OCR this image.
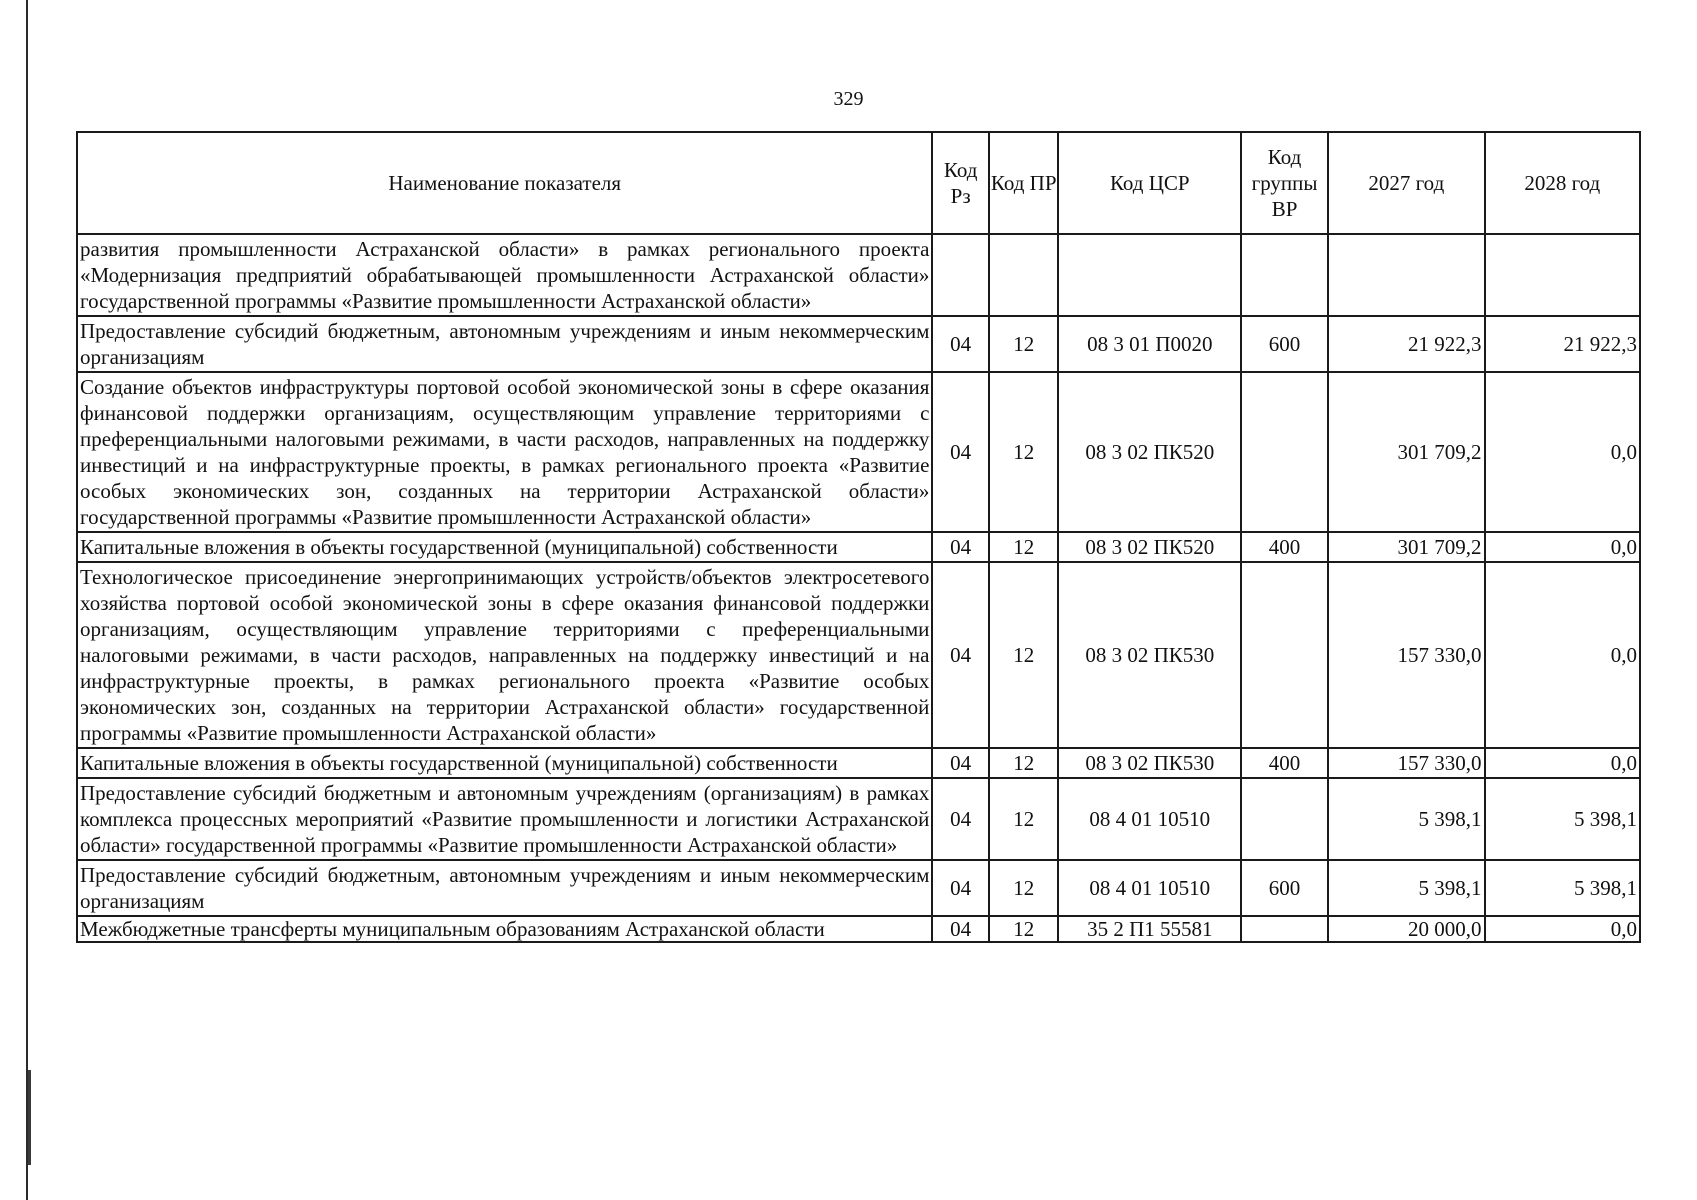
329
Наименование показателя	Код Рз	Код ПР	Код ЦСР	Код группы ВР	2027 год	2028 год
развития промышленности Астраханской области» в рамках регионального проекта «Модернизация предприятий обрабатывающей промышленности Астраханской области» государственной программы «Развитие промышленности Астраханской области»						
Предоставление субсидий бюджетным, автономным учреждениям и иным некоммерческим организациям	04	12	08 3 01 П0020	600	21 922,3	21 922,3
Создание объектов инфраструктуры портовой особой экономической зоны в сфере оказания финансовой поддержки организациям, осуществляющим управление территориями с преференциальными налоговыми режимами, в части расходов, направленных на поддержку инвестиций и на инфраструктурные проекты, в рамках регионального проекта «Развитие особых экономических зон, созданных на территории Астраханской области» государственной программы «Развитие промышленности Астраханской области»	04	12	08 3 02 ПК520		301 709,2	0,0
Капитальные вложения в объекты государственной (муниципальной) собственности	04	12	08 3 02 ПК520	400	301 709,2	0,0
Технологическое присоединение энергопринимающих устройств/объектов электросетевого хозяйства портовой особой экономической зоны в сфере оказания финансовой поддержки организациям, осуществляющим управление территориями с преференциальными налоговыми режимами, в части расходов, направленных на поддержку инвестиций и на инфраструктурные проекты, в рамках регионального проекта «Развитие особых экономических зон, созданных на территории Астраханской области» государственной программы «Развитие промышленности Астраханской области»	04	12	08 3 02 ПК530		157 330,0	0,0
Капитальные вложения в объекты государственной (муниципальной) собственности	04	12	08 3 02 ПК530	400	157 330,0	0,0
Предоставление субсидий бюджетным и автономным учреждениям (организациям) в рамках комплекса процессных мероприятий «Развитие промышленности и логистики Астраханской области» государственной программы «Развитие промышленности Астраханской области»	04	12	08 4 01 10510		5 398,1	5 398,1
Предоставление субсидий бюджетным, автономным учреждениям и иным некоммерческим организациям	04	12	08 4 01 10510	600	5 398,1	5 398,1
Межбюджетные трансферты муниципальным образованиям Астраханской области	04	12	35 2 П1 55581		20 000,0	0,0
